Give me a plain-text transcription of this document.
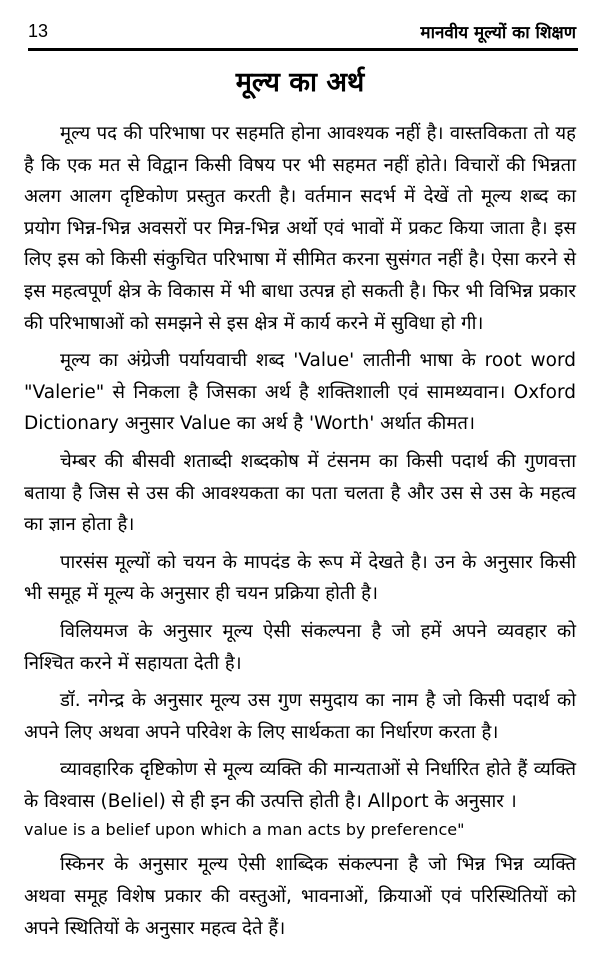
13	मानवीय मूल्यों का शिक्षण
मूल्य का अर्थ

मूल्य पद की परिभाषा पर सहमति होना आवश्यक नहीं है। वास्तविकता तो यह है कि एक मत से विद्वान किसी विषय पर भी सहमत नहीं होते। विचारों की भिन्नता अलग आलग दृष्टिकोण प्रस्तुत करती है। वर्तमान सदर्भ में देखें तो मूल्य शब्द का प्रयोग भिन्न-भिन्न अवसरों पर मिन्न-भिन्न अर्थो एवं भावों में प्रकट किया जाता है। इस लिए इस को किसी संकुचित परिभाषा में सीमित करना सुसंगत नहीं है। ऐसा करने से इस महत्वपूर्ण क्षेत्र के विकास में भी बाधा उत्पन्न हो सकती है। फिर भी विभिन्न प्रकार की परिभाषाओं को समझने से इस क्षेत्र में कार्य करने में सुविधा हो गी।

मूल्य का अंग्रेजी पर्यायवाची शब्द 'Value' लातीनी भाषा के root word "Valerie" से निकला है जिसका अर्थ है शक्तिशाली एवं सामथ्यवान। Oxford Dictionary अनुसार Value का अर्थ है 'Worth' अर्थात कीमत।

चेम्बर की बीसवी शताब्दी शब्दकोष में टंसनम का किसी पदार्थ की गुणवत्ता बताया है जिस से उस की आवश्यकता का पता चलता है और उस से उस के महत्व का ज्ञान होता है।

पारसंस मूल्यों को चयन के मापदंड के रूप में देखते है। उन के अनुसार किसी भी समूह में मूल्य के अनुसार ही चयन प्रक्रिया होती है।

विलियमज के अनुसार मूल्य ऐसी संकल्पना है जो हमें अपने व्यवहार को निश्चित करने में सहायता देती है।

डॉ. नगेन्द्र के अनुसार मूल्य उस गुण समुदाय का नाम है जो किसी पदार्थ को अपने लिए अथवा अपने परिवेश के लिए सार्थकता का निर्धारण करता है।

व्यावहारिक दृष्टिकोण से मूल्य व्यक्ति की मान्यताओं से निर्धारित होते हैं व्यक्ति के विश्वास (Beliel) से ही इन की उत्पत्ति होती है। Allport के अनुसार ।

value is a belief upon which a man acts by preference"

स्किनर के अनुसार मूल्य ऐसी शाब्दिक संकल्पना है जो भिन्न भिन्न व्यक्ति अथवा समूह विशेष प्रकार की वस्तुओं, भावनाओं, क्रियाओं एवं परिस्थितियों को अपने स्थितियों के अनुसार महत्व देते हैं।
